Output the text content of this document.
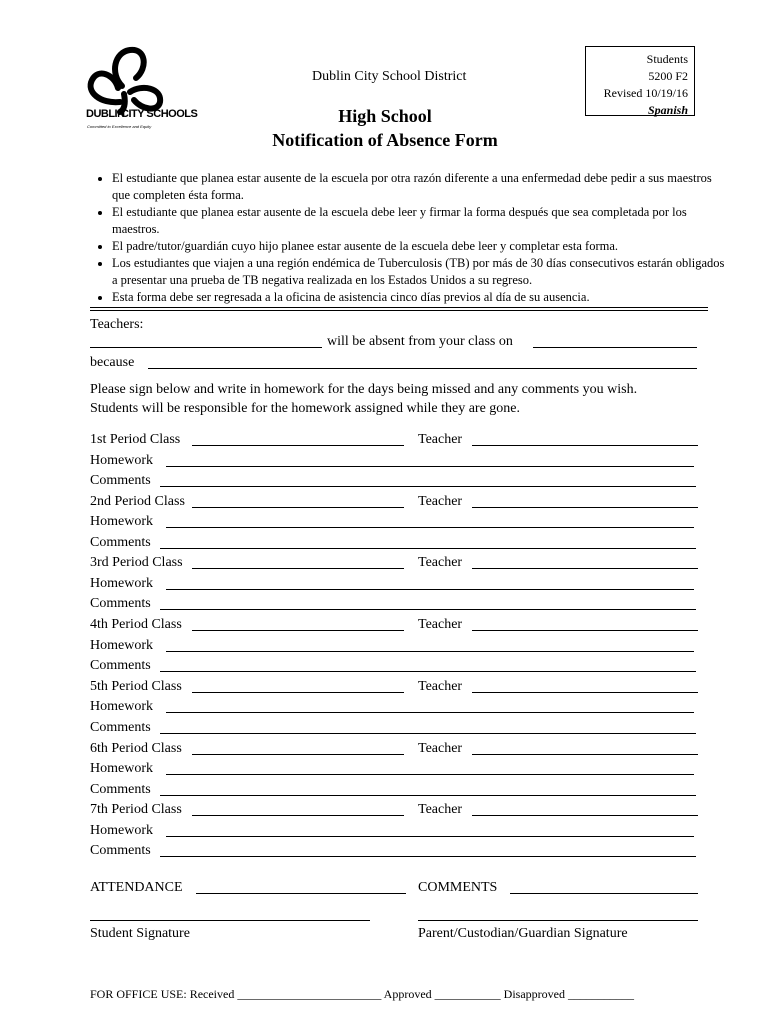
DUBLIN
CITY SCHOOLS
Committed to Excellence and Equity
Dublin City School District
Students
5200 F2
Revised 10/19/16
Spanish
High School
Notification of Absence Form
• El estudiante que planea estar ausente de la escuela por otra razón diferente a una enfermedad debe pedir a sus maestros que completen ésta forma.
• El estudiante que planea estar ausente de la escuela debe leer y firmar la forma después que sea completada por los maestros.
• El padre/tutor/guardián cuyo hijo planee estar ausente de la escuela debe leer y completar esta forma.
• Los estudiantes que viajen a una región endémica de Tuberculosis (TB) por más de 30 días consecutivos estarán obligados a presentar una prueba de TB negativa realizada en los Estados Unidos a su regreso.
• Esta forma debe ser regresada a la oficina de asistencia cinco días previos al día de su ausencia.
Teachers:
will be absent from your class on
because
Please sign below and write in homework for the days being missed and any comments you wish.
Students will be responsible for the homework assigned while they are gone.
1st Period Class	Teacher
Homework
Comments
2nd Period Class	Teacher
Homework
Comments
3rd Period Class	Teacher
Homework
Comments
4th Period Class	Teacher
Homework
Comments
5th Period Class	Teacher
Homework
Comments
6th Period Class	Teacher
Homework
Comments
7th Period Class	Teacher
Homework
Comments
ATTENDANCE	COMMENTS
Student Signature	Parent/Custodian/Guardian Signature
FOR OFFICE USE: Received ________________________ Approved ___________ Disapproved ___________
